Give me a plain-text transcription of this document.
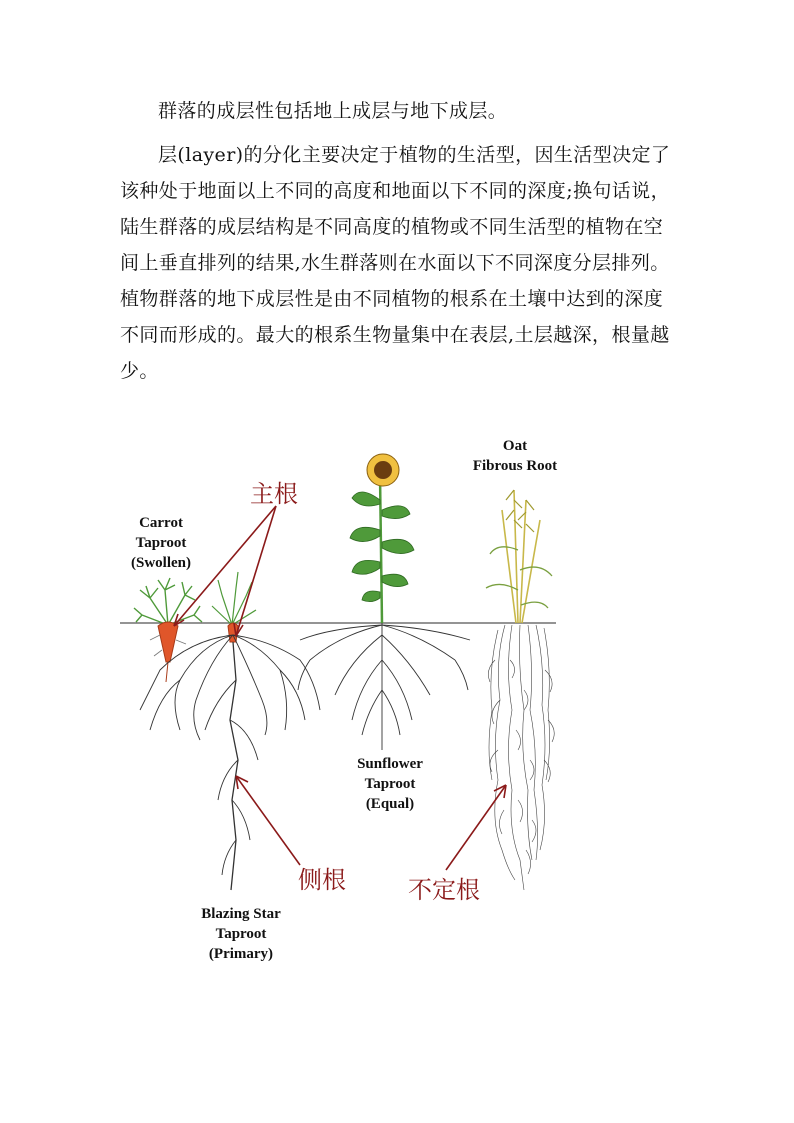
群落的成层性包括地上成层与地下成层。

层(layer)的分化主要决定于植物的生活型，因生活型决定了该种处于地面以上不同的高度和地面以下不同的深度;换句话说，陆生群落的成层结构是不同高度的植物或不同生活型的植物在空间上垂直排列的结果,水生群落则在水面以下不同深度分层排列。植物群落的地下成层性是由不同植物的根系在土壤中达到的深度不同而形成的。最大的根系生物量集中在表层,土层越深，根量越少。

Carrot
Taproot
(Swollen)
Blazing Star
Taproot
(Primary)
Sunflower
Taproot
(Equal)
Oat
Fibrous Root
主根
侧根	不定根
